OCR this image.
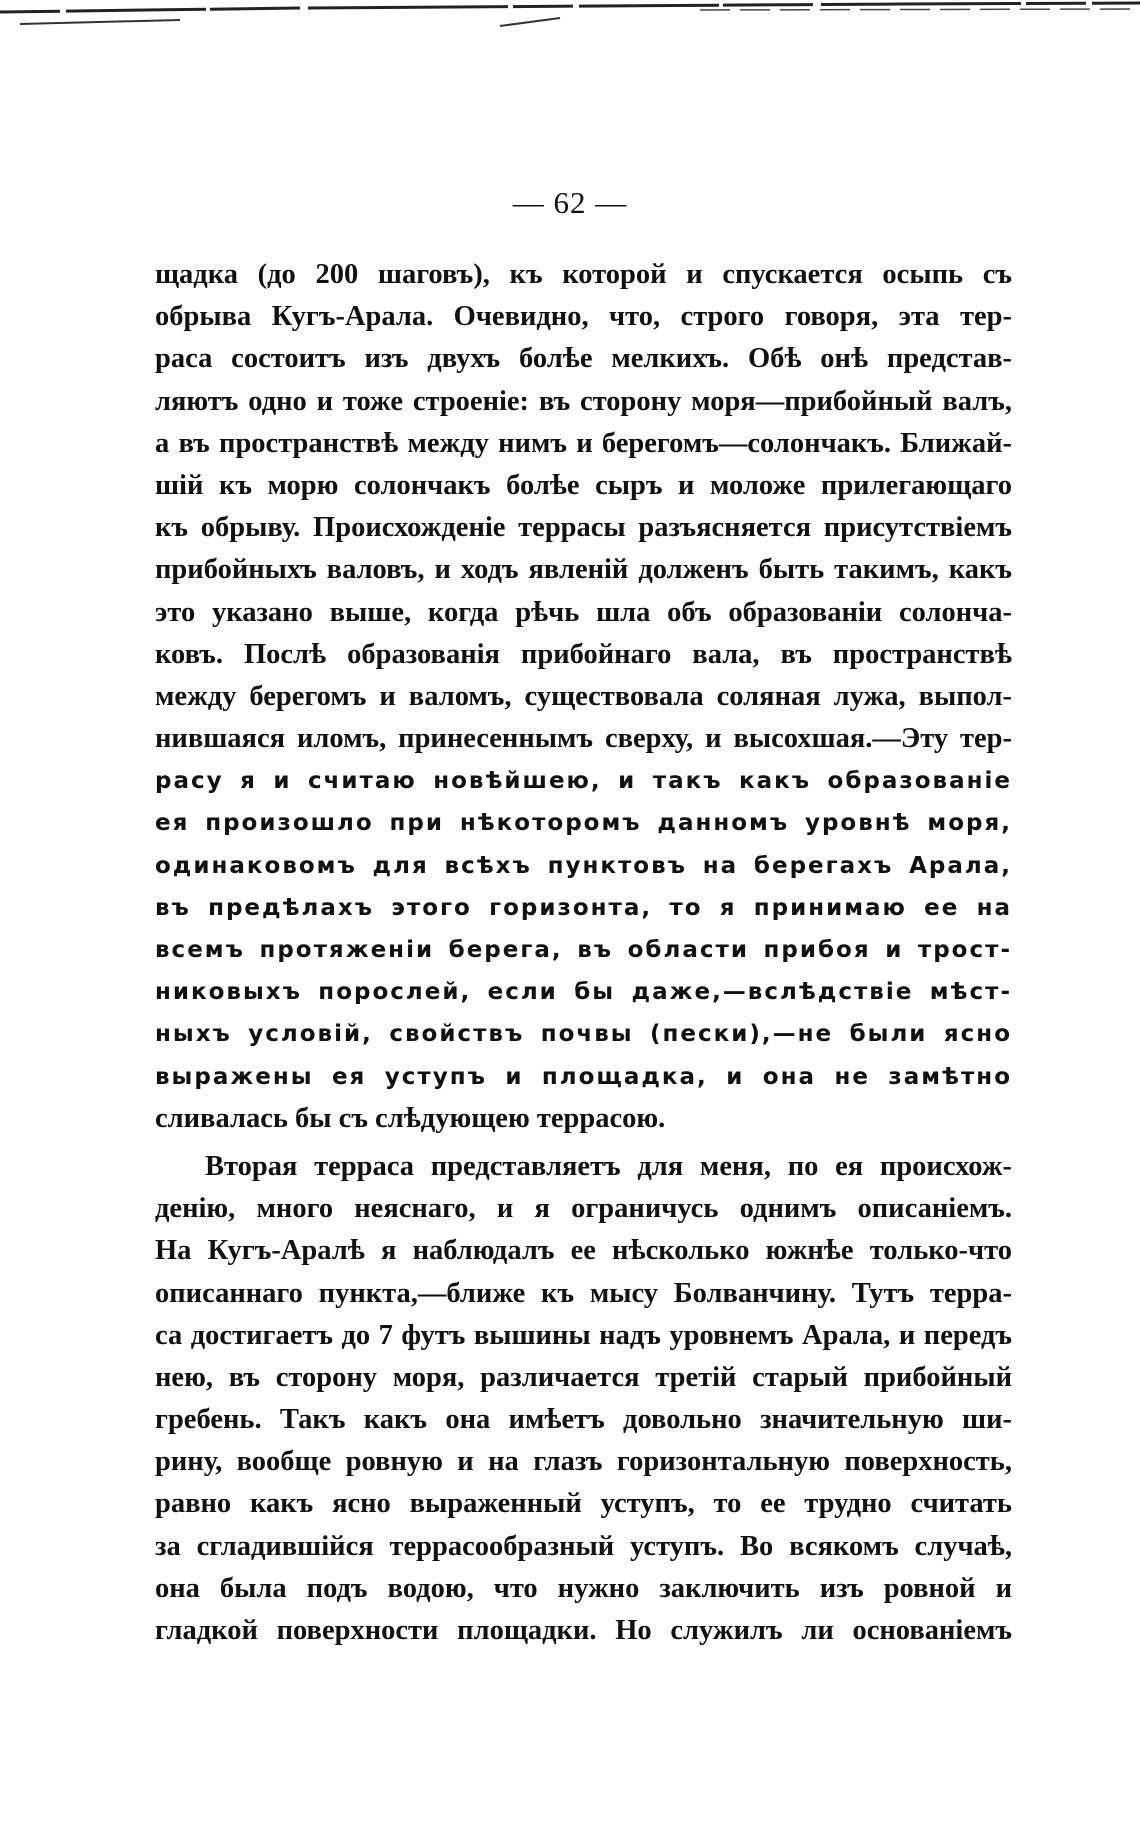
— 62 —
щадка (до 200 шаговъ), къ которой и спускается осыпь съ
обрыва Кугъ-Арала. Очевидно, что, строго говоря, эта тер-
раса состоитъ изъ двухъ болѣе мелкихъ. Обѣ онѣ представ-
ляютъ одно и тоже строеніе: въ сторону моря—прибойный валъ,
а въ пространствѣ между нимъ и берегомъ—солончакъ. Ближай-
шій къ морю солончакъ болѣе сыръ и моложе прилегающаго
къ обрыву. Происхожденіе террасы разъясняется присутствіемъ
прибойныхъ валовъ, и ходъ явленій долженъ быть такимъ, какъ
это указано выше, когда рѣчь шла объ образованіи солонча-
ковъ. Послѣ образованія прибойнаго вала, въ пространствѣ
между берегомъ и валомъ, существовала соляная лужа, выпол-
нившаяся иломъ, принесеннымъ сверху, и высохшая.—Эту тер-
расу я и считаю новѣйшею, и такъ какъ образованіе
ея произошло при нѣкоторомъ данномъ уровнѣ моря,
одинаковомъ для всѣхъ пунктовъ на берегахъ Арала,
въ предѣлахъ этого горизонта, то я принимаю ее на
всемъ протяженіи берега, въ области прибоя и трост-
никовыхъ порослей, если бы даже,—вслѣдствіе мѣст-
ныхъ условій, свойствъ почвы (пески),—не были ясно
выражены ея уступъ и площадка, и она не замѣтно
сливалась бы съ слѣдующею террасою.
Вторая терраса представляетъ для меня, по ея происхож-
денію, много неяснаго, и я ограничусь однимъ описаніемъ.
На Кугъ-Аралѣ я наблюдалъ ее нѣсколько южнѣе только-что
описаннаго пункта,—ближе къ мысу Болванчину. Тутъ терра-
са достигаетъ до 7 футъ вышины надъ уровнемъ Арала, и передъ
нею, въ сторону моря, различается третій старый прибойный
гребень. Такъ какъ она имѣетъ довольно значительную ши-
рину, вообще ровную и на глазъ горизонтальную поверхность,
равно какъ ясно выраженный уступъ, то ее трудно считать
за сгладившійся террасообразный уступъ. Во всякомъ случаѣ,
она была подъ водою, что нужно заключить изъ ровной и
гладкой поверхности площадки. Но служилъ ли основаніемъ
